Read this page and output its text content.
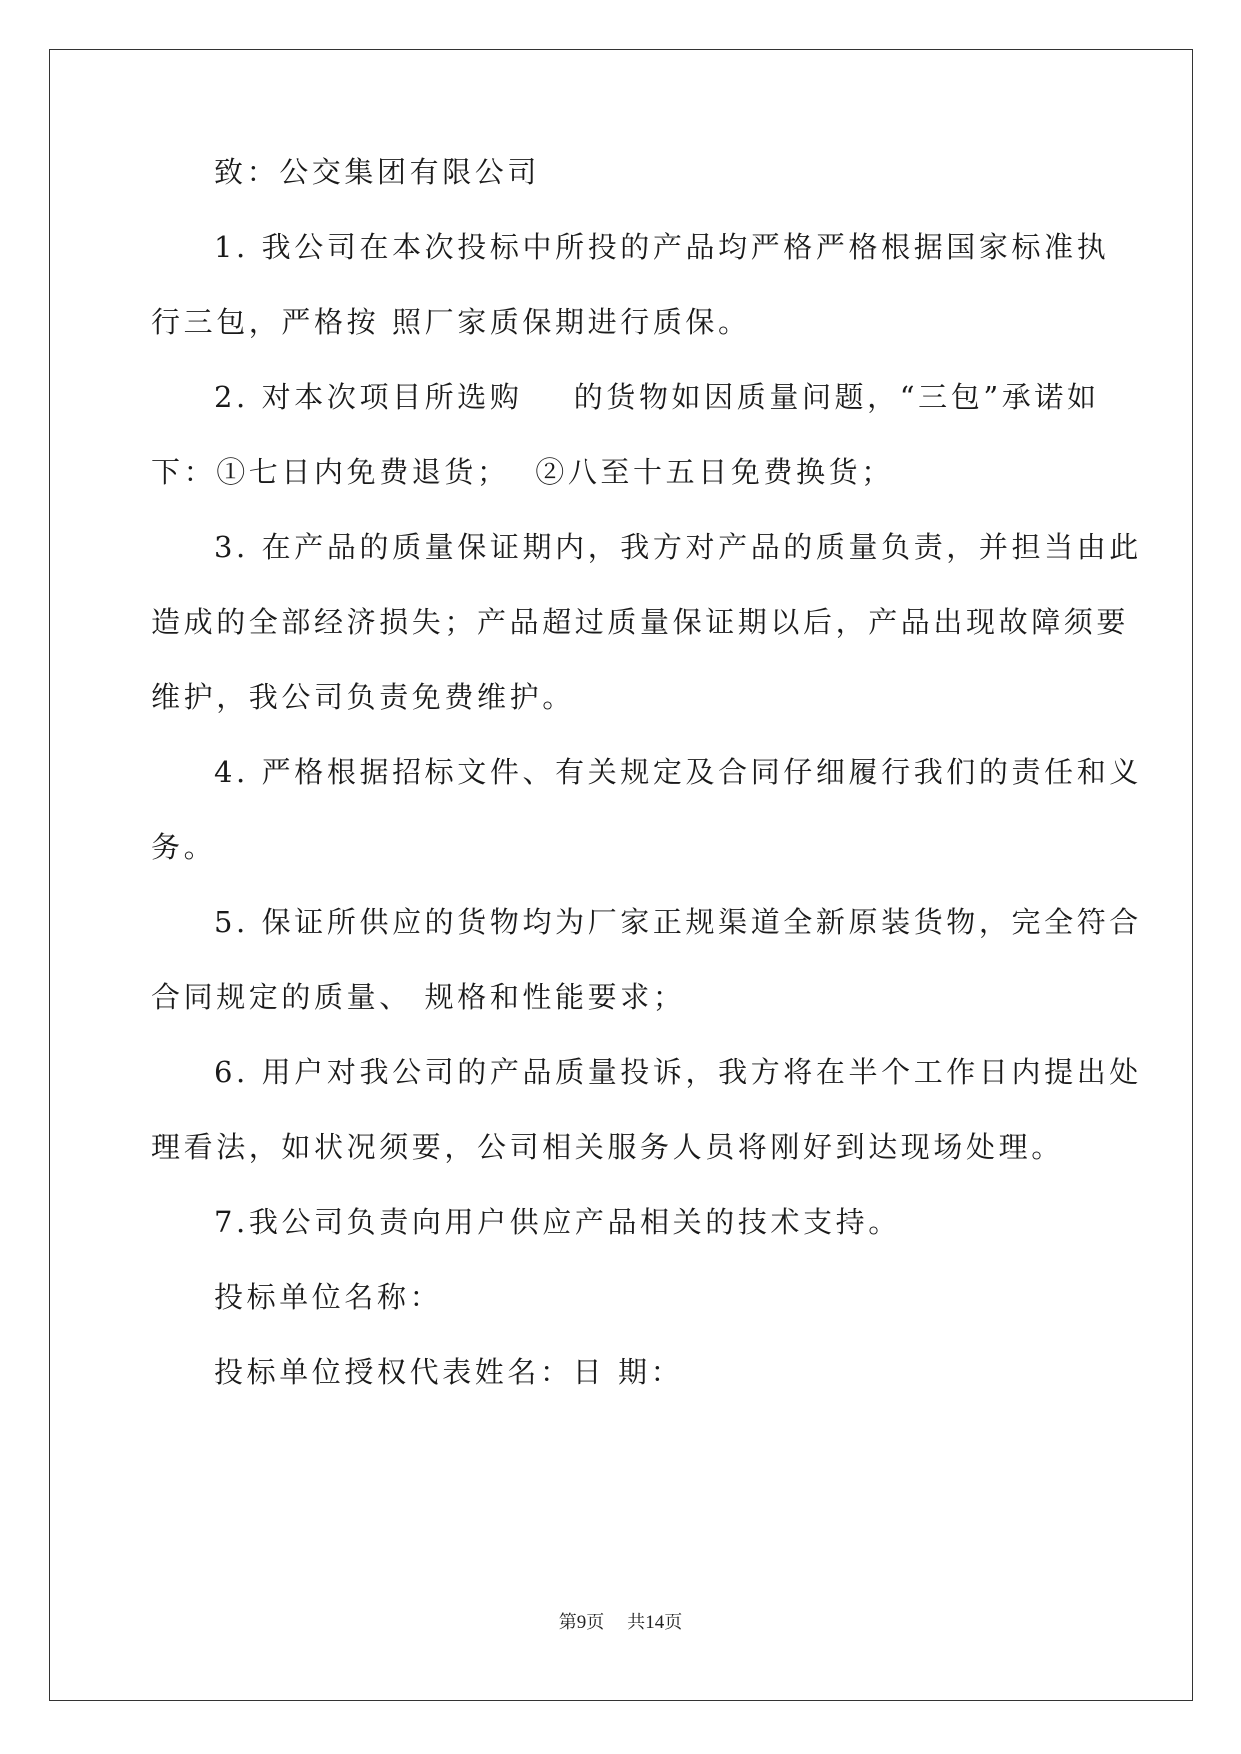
致：公交集团有限公司
1. 我公司在本次投标中所投的产品均严格严格根据国家标准执
行三包，严格按 照厂家质保期进行质保。
2. 对本次项目所选购    的货物如因质量问题，“三包”承诺如
下：①七日内免费退货；  ②八至十五日免费换货；
3. 在产品的质量保证期内，我方对产品的质量负责，并担当由此
造成的全部经济损失；产品超过质量保证期以后，产品出现故障须要
维护，我公司负责免费维护。
4. 严格根据招标文件、有关规定及合同仔细履行我们的责任和义
务。
5. 保证所供应的货物均为厂家正规渠道全新原装货物，完全符合
合同规定的质量、 规格和性能要求；
6. 用户对我公司的产品质量投诉，我方将在半个工作日内提出处
理看法，如状况须要，公司相关服务人员将刚好到达现场处理。
7.我公司负责向用户供应产品相关的技术支持。
投标单位名称：
投标单位授权代表姓名：日 期：
第9页    共14页
